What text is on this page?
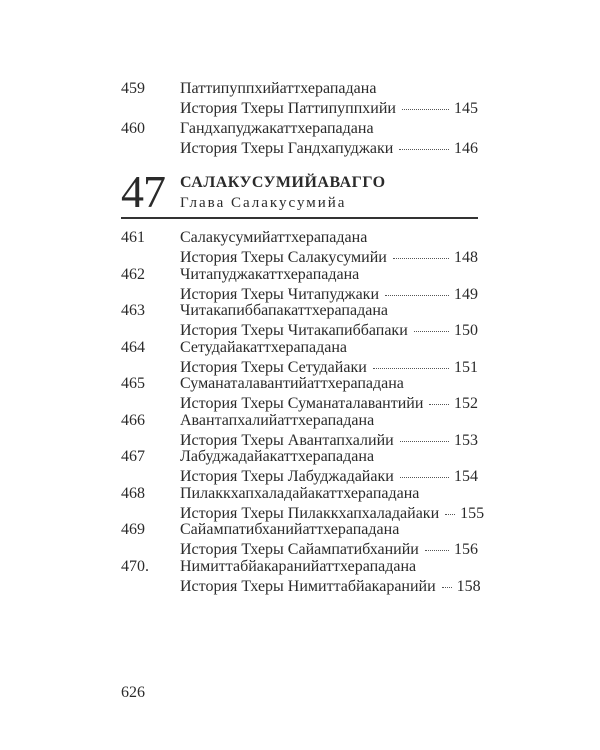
459 Паттипуппхийаттхерападана
История Тхеры Паттипуппхийи	145
460 Гандхапуджакаттхерападана
История Тхеры Гандхапуджаки	146
47 САЛАКУСУМИЙАВАГГО
Глава Салакусумийа
461 Салакусумийаттхерападана
История Тхеры Салакусумийи	148
462 Читапуджакаттхерападана
История Тхеры Читапуджаки	149
463 Читакапиббапакаттхерападана
История Тхеры Читакапиббапаки	150
464 Сетудайакаттхерападана
История Тхеры Сетудайаки	151
465 Суманаталавантийаттхерападана
История Тхеры Суманаталавантийи 152
466 Авантапхалийаттхерападана
История Тхеры Авантапхалийи	153
467 Лабуджадайакаттхерападана
История Тхеры Лабуджадайаки	154
468 Пилаккхапхаладайакаттхерападана
История Тхеры Пилаккхапхаладайаки 155
469 Сайампатибханийаттхерападана
История Тхеры Сайампатибханийи 156
470. Нимиттабйакаранийаттхерападана
История Тхеры Нимиттабйакаранийи 158
626
